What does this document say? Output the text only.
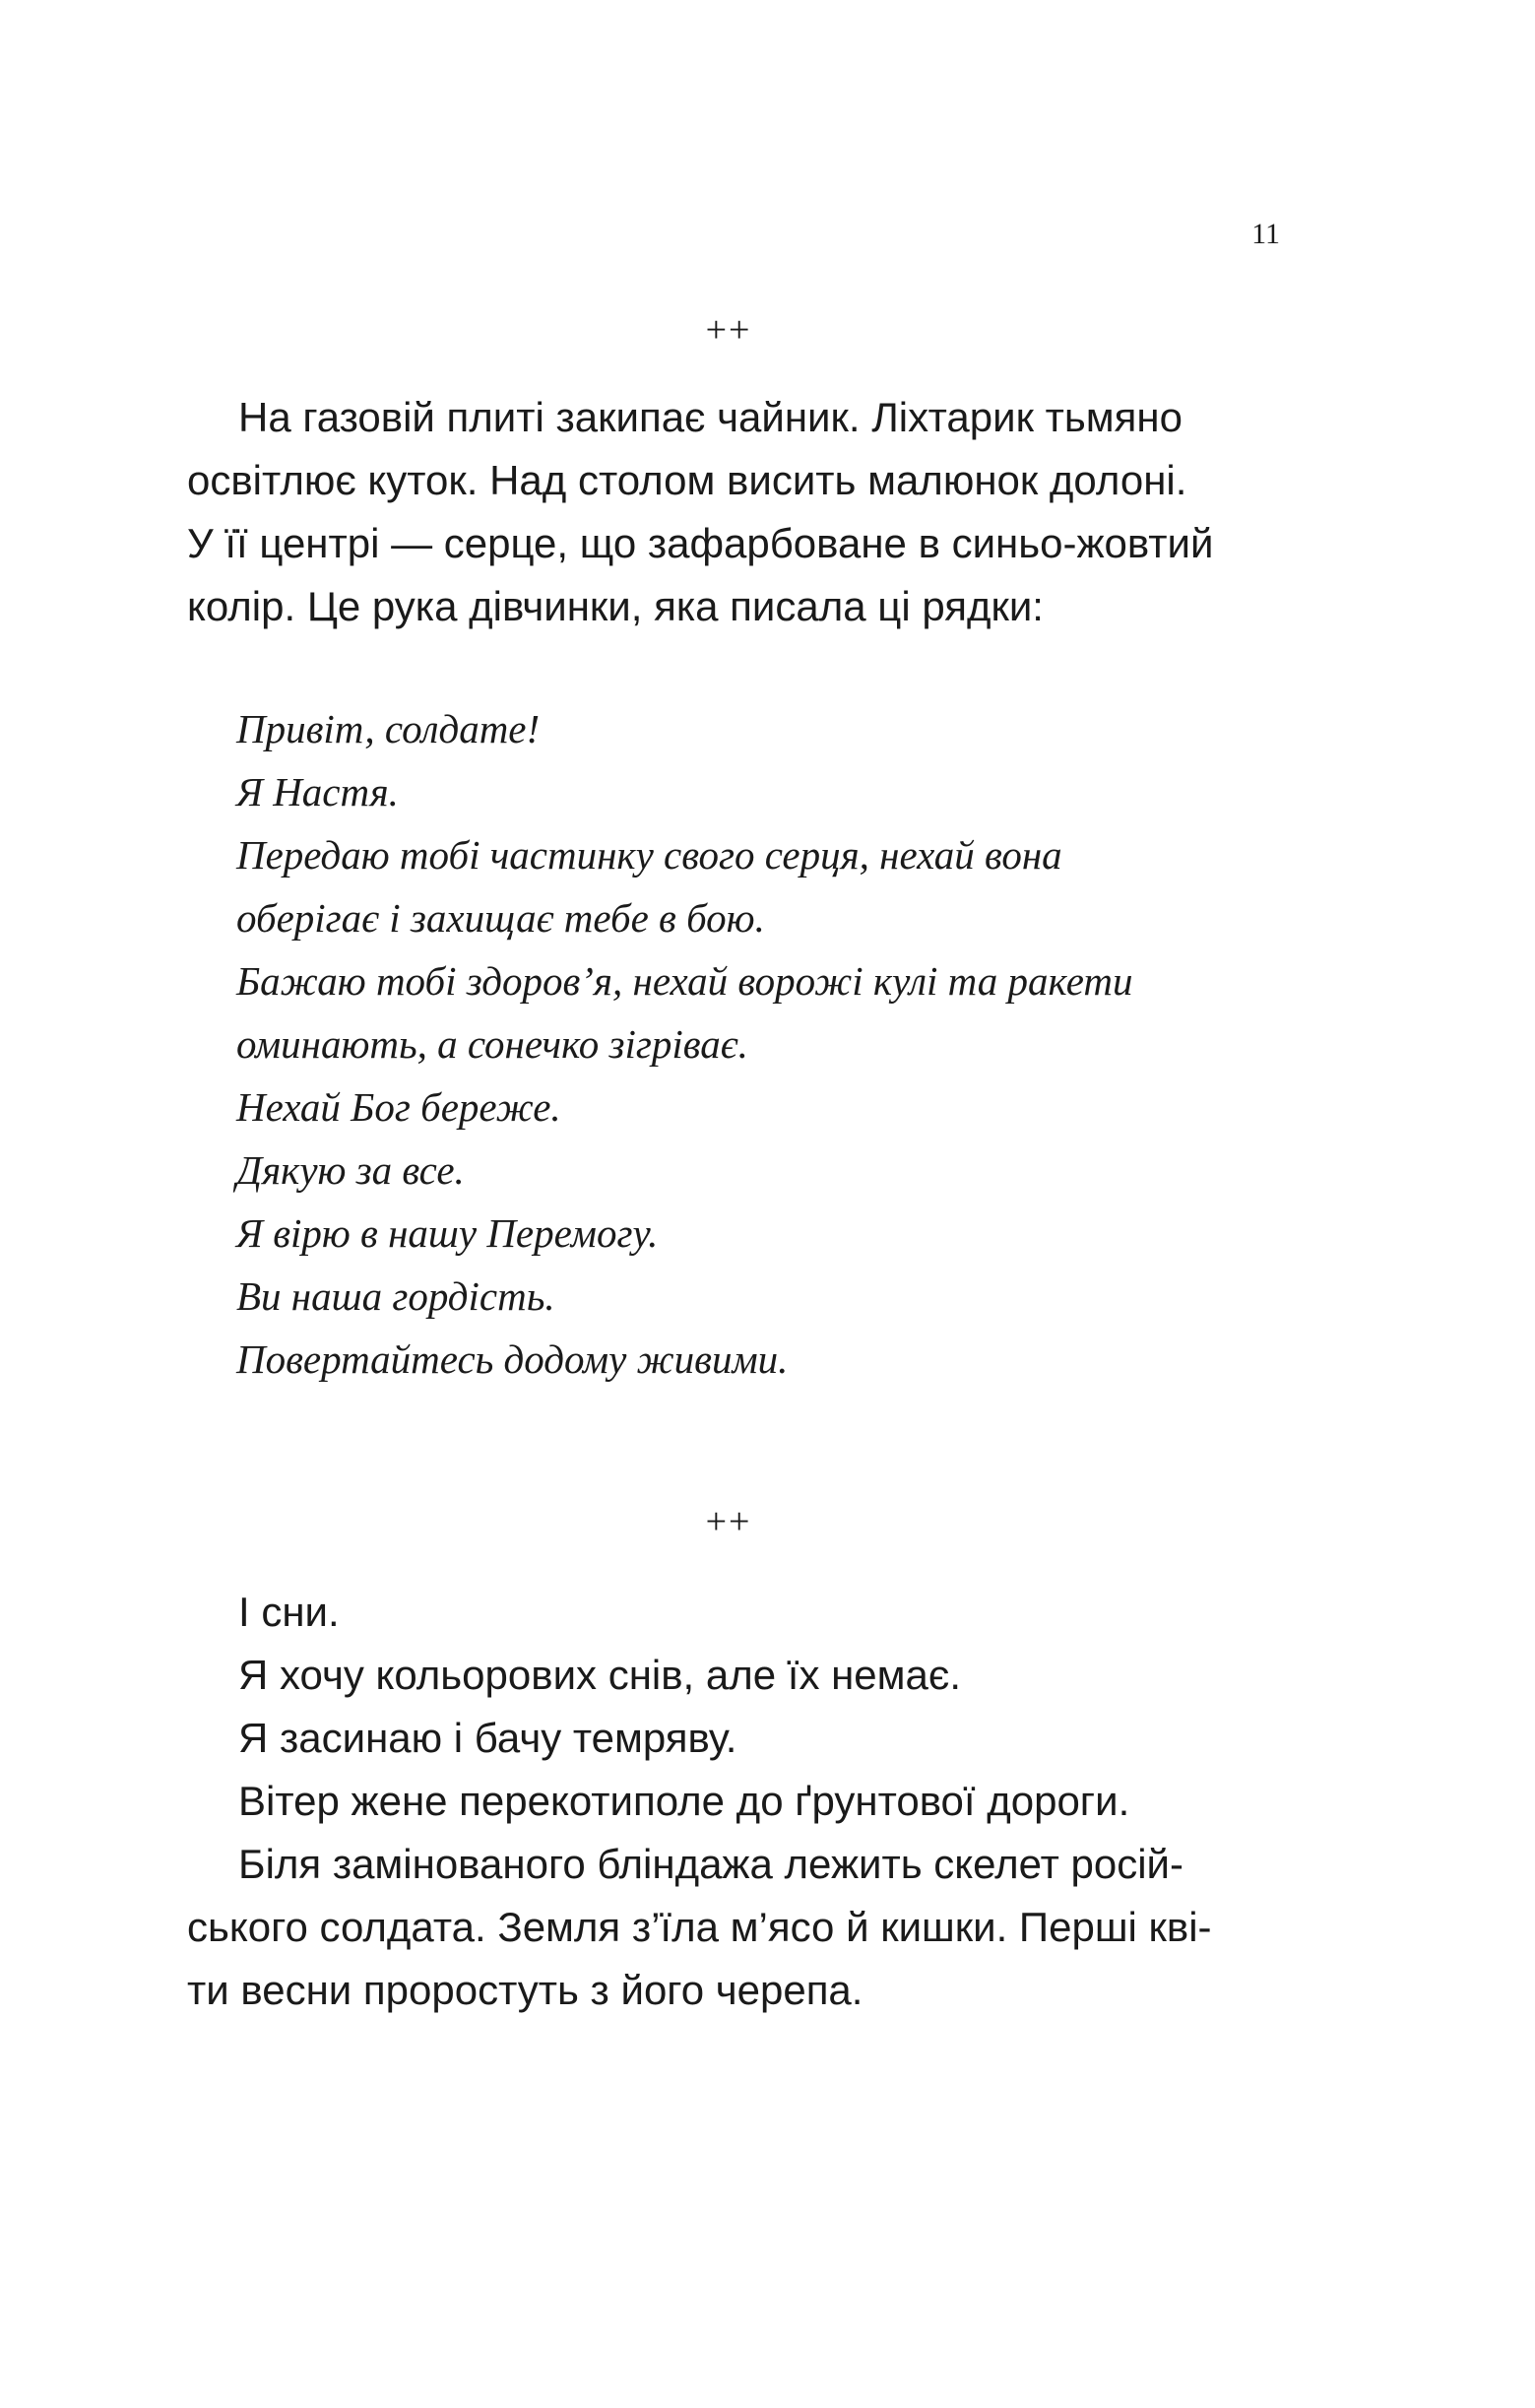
11
++

На газовій плиті закипає чайник. Ліхтарик тьмяно
освітлює куток. Над столом висить малюнок долоні.
У її центрі — серце, що зафарбоване в синьо-жовтий
колір. Це рука дівчинки, яка писала ці рядки:

Привіт, солдате!
Я Настя.
Передаю тобі частинку свого серця, нехай вона
оберігає і захищає тебе в бою.
Бажаю тобі здоров’я, нехай ворожі кулі та ракети
оминають, а сонечко зігріває.
Нехай Бог береже.
Дякую за все.
Я вірю в нашу Перемогу.
Ви наша гордість.
Повертайтесь додому живими.

++

І сни.
Я хочу кольорових снів, але їх немає.
Я засинаю і бачу темряву.
Вітер жене перекотиполе до ґрунтової дороги.
Біля замінованого бліндажа лежить скелет росій-
ського солдата. Земля з’їла м’ясо й кишки. Перші кві-
ти весни проростуть з його черепа.
